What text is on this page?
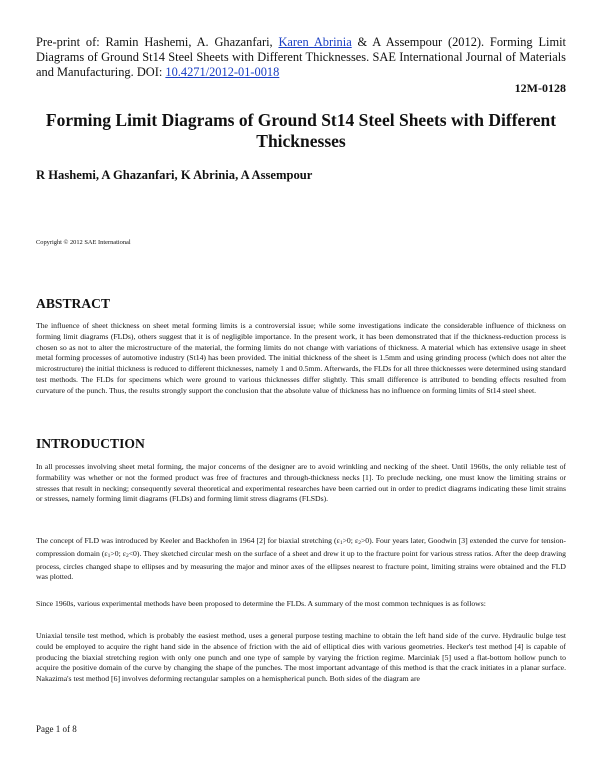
Pre-print of: Ramin Hashemi, A. Ghazanfari, Karen Abrinia & A Assempour (2012). Forming Limit Diagrams of Ground St14 Steel Sheets with Different Thicknesses. SAE International Journal of Materials and Manufacturing. DOI: 10.4271/2012-01-0018
12M-0128
Forming Limit Diagrams of Ground St14 Steel Sheets with Different Thicknesses
R Hashemi, A Ghazanfari, K Abrinia, A Assempour
Copyright © 2012 SAE International
ABSTRACT
The influence of sheet thickness on sheet metal forming limits is a controversial issue; while some investigations indicate the considerable influence of thickness on forming limit diagrams (FLDs), others suggest that it is of negligible importance. In the present work, it has been demonstrated that if the thickness-reduction process is chosen so as not to alter the microstructure of the material, the forming limits do not change with variations of thickness. A material which has extensive usage in sheet metal forming processes of automotive industry (St14) has been provided. The initial thickness of the sheet is 1.5mm and using grinding process (which does not alter the microstructure) the initial thickness is reduced to different thicknesses, namely 1 and 0.5mm. Afterwards, the FLDs for all three thicknesses were determined using standard test methods. The FLDs for specimens which were ground to various thicknesses differ slightly. This small difference is attributed to bending effects resulted from curvature of the punch. Thus, the results strongly support the conclusion that the absolute value of thickness has no influence on forming limits of St14 steel sheet.
INTRODUCTION
In all processes involving sheet metal forming, the major concerns of the designer are to avoid wrinkling and necking of the sheet. Until 1960s, the only reliable test of formability was whether or not the formed product was free of fractures and through-thickness necks [1]. To preclude necking, one must know the limiting strains or stresses that result in necking; consequently several theoretical and experimental researches have been carried out in order to predict diagrams indicating these limit strains or stresses, namely forming limit diagrams (FLDs) and forming limit stress diagrams (FLSDs).
The concept of FLD was introduced by Keeler and Backhofen in 1964 [2] for biaxial stretching (ε1>0; ε2>0). Four years later, Goodwin [3] extended the curve for tension-compression domain (ε1>0; ε2<0). They sketched circular mesh on the surface of a sheet and drew it up to the fracture point for various stress ratios. After the deep drawing process, circles changed shape to ellipses and by measuring the major and minor axes of the ellipses nearest to fracture point, limiting strains were obtained and the FLD was plotted.
Since 1960s, various experimental methods have been proposed to determine the FLDs. A summary of the most common techniques is as follows:
Uniaxial tensile test method, which is probably the easiest method, uses a general purpose testing machine to obtain the left hand side of the curve. Hydraulic bulge test could be employed to acquire the right hand side in the absence of friction with the aid of elliptical dies with various geometries. Hecker's test method [4] is capable of producing the biaxial stretching region with only one punch and one type of sample by varying the friction regime. Marciniak [5] used a flat-bottom hollow punch to acquire the positive domain of the curve by changing the shape of the punches. The most important advantage of this method is that the crack initiates in a planar surface. Nakazima's test method [6] involves deforming rectangular samples on a hemispherical punch. Both sides of the diagram are
Page 1 of 8
